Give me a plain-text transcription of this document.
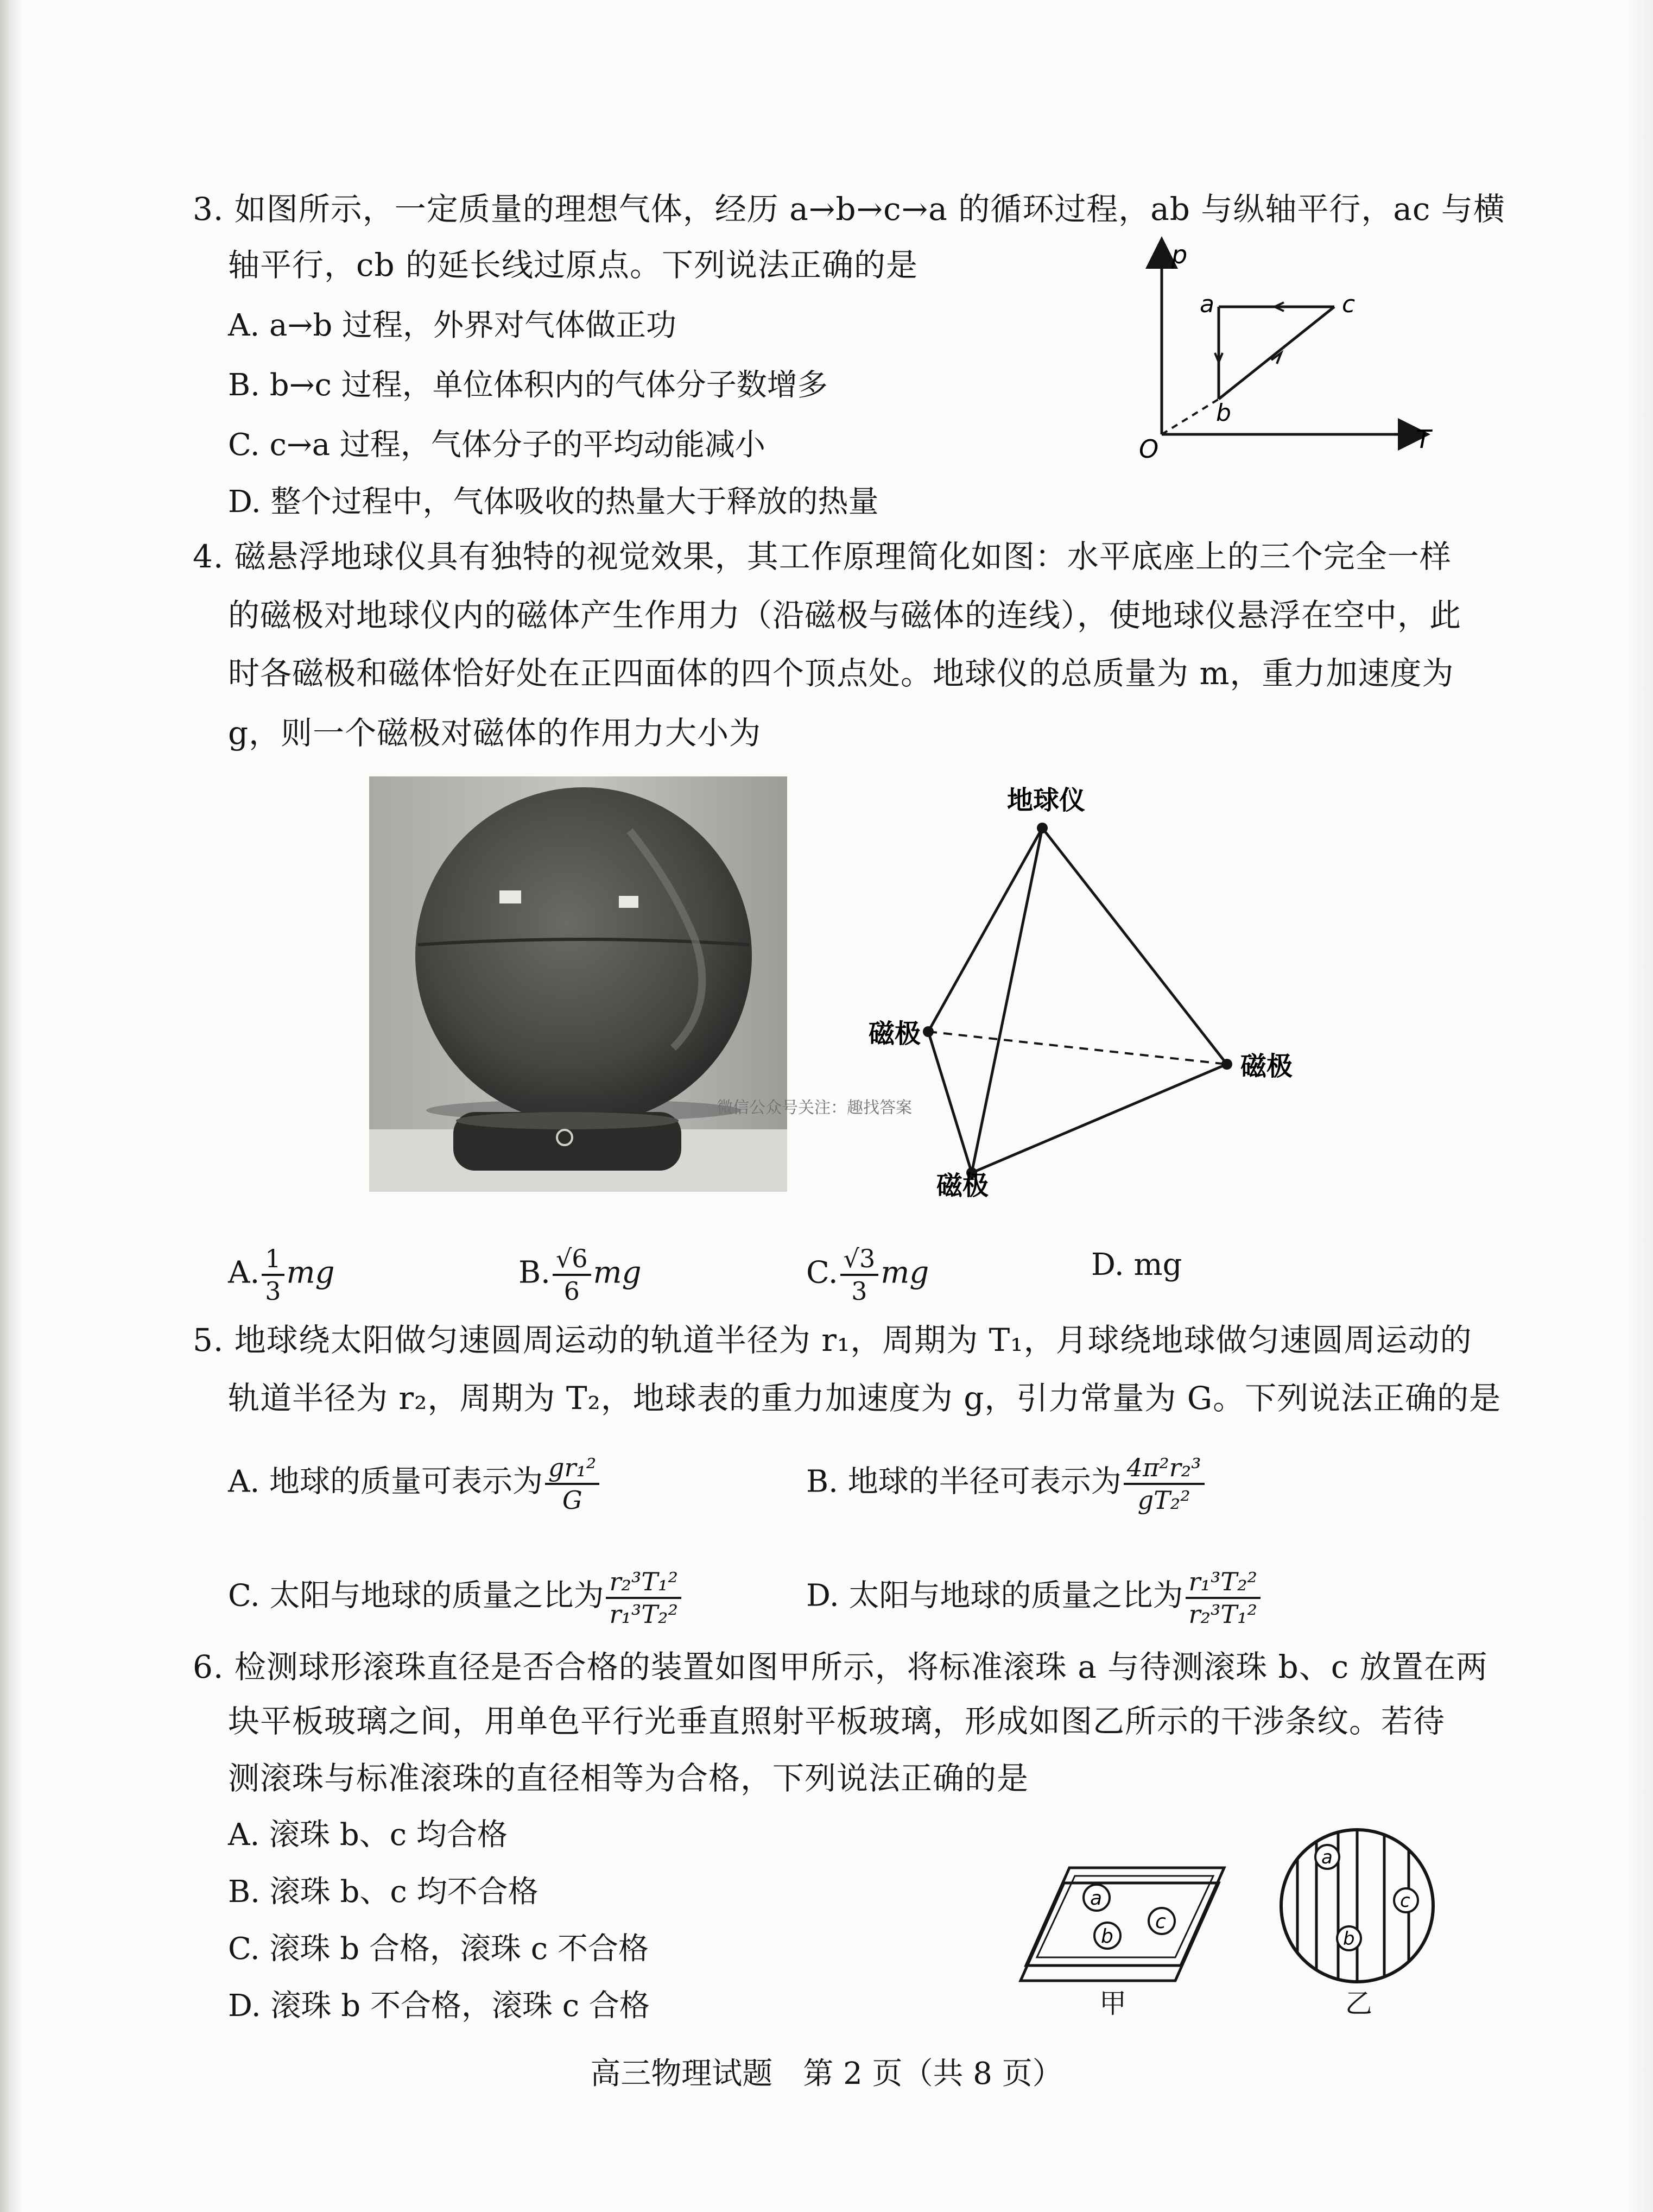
3. 如图所示，一定质量的理想气体，经历 a→b→c→a 的循环过程，ab 与纵轴平行，ac 与横
轴平行，cb 的延长线过原点。下列说法正确的是
A. a→b 过程，外界对气体做正功
B. b→c 过程，单位体积内的气体分子数增多
C. c→a 过程，气体分子的平均动能减小
D. 整个过程中，气体吸收的热量大于释放的热量
p
T
O
a
b
c
4. 磁悬浮地球仪具有独特的视觉效果，其工作原理简化如图：水平底座上的三个完全一样
的磁极对地球仪内的磁体产生作用力（沿磁极与磁体的连线），使地球仪悬浮在空中，此
时各磁极和磁体恰好处在正四面体的四个顶点处。地球仪的总质量为 m，重力加速度为
g，则一个磁极对磁体的作用力大小为
微信公众号关注：趣找答案
地球仪
磁极
磁极
磁极
A. $\frac{1}{3}$ mg	B. $\frac{√6}{6}$ mg	C. $\frac{√3}{3}$ mg	D. mg
5. 地球绕太阳做匀速圆周运动的轨道半径为 r₁，周期为 T₁，月球绕地球做匀速圆周运动的
轨道半径为 r₂，周期为 T₂，地球表的重力加速度为 g，引力常量为 G。下列说法正确的是
A. 地球的质量可表示为 $\frac{\text{gr₁²}}{G}$	B. 地球的半径可表示为 $\frac{\text{4π²r₂³}}{\text{gT₂²}}$
C. 太阳与地球的质量之比为 $\frac{\text{r₂³T₁²}}{\text{r₁³T₂²}}$	D. 太阳与地球的质量之比为 $\frac{\text{r₁³T₂²}}{\text{r₂³T₁²}}$
6. 检测球形滚珠直径是否合格的装置如图甲所示，将标准滚珠 a 与待测滚珠 b、c 放置在两
块平板玻璃之间，用单色平行光垂直照射平板玻璃，形成如图乙所示的干涉条纹。若待
测滚珠与标准滚珠的直径相等为合格，下列说法正确的是
A. 滚珠 b、c 均合格
B. 滚珠 b、c 均不合格
C. 滚珠 b 合格，滚珠 c 不合格
D. 滚珠 b 不合格，滚珠 c 合格
a
b
c
甲
a
b
c
乙
高三物理试题　第 2 页（共 8 页）
